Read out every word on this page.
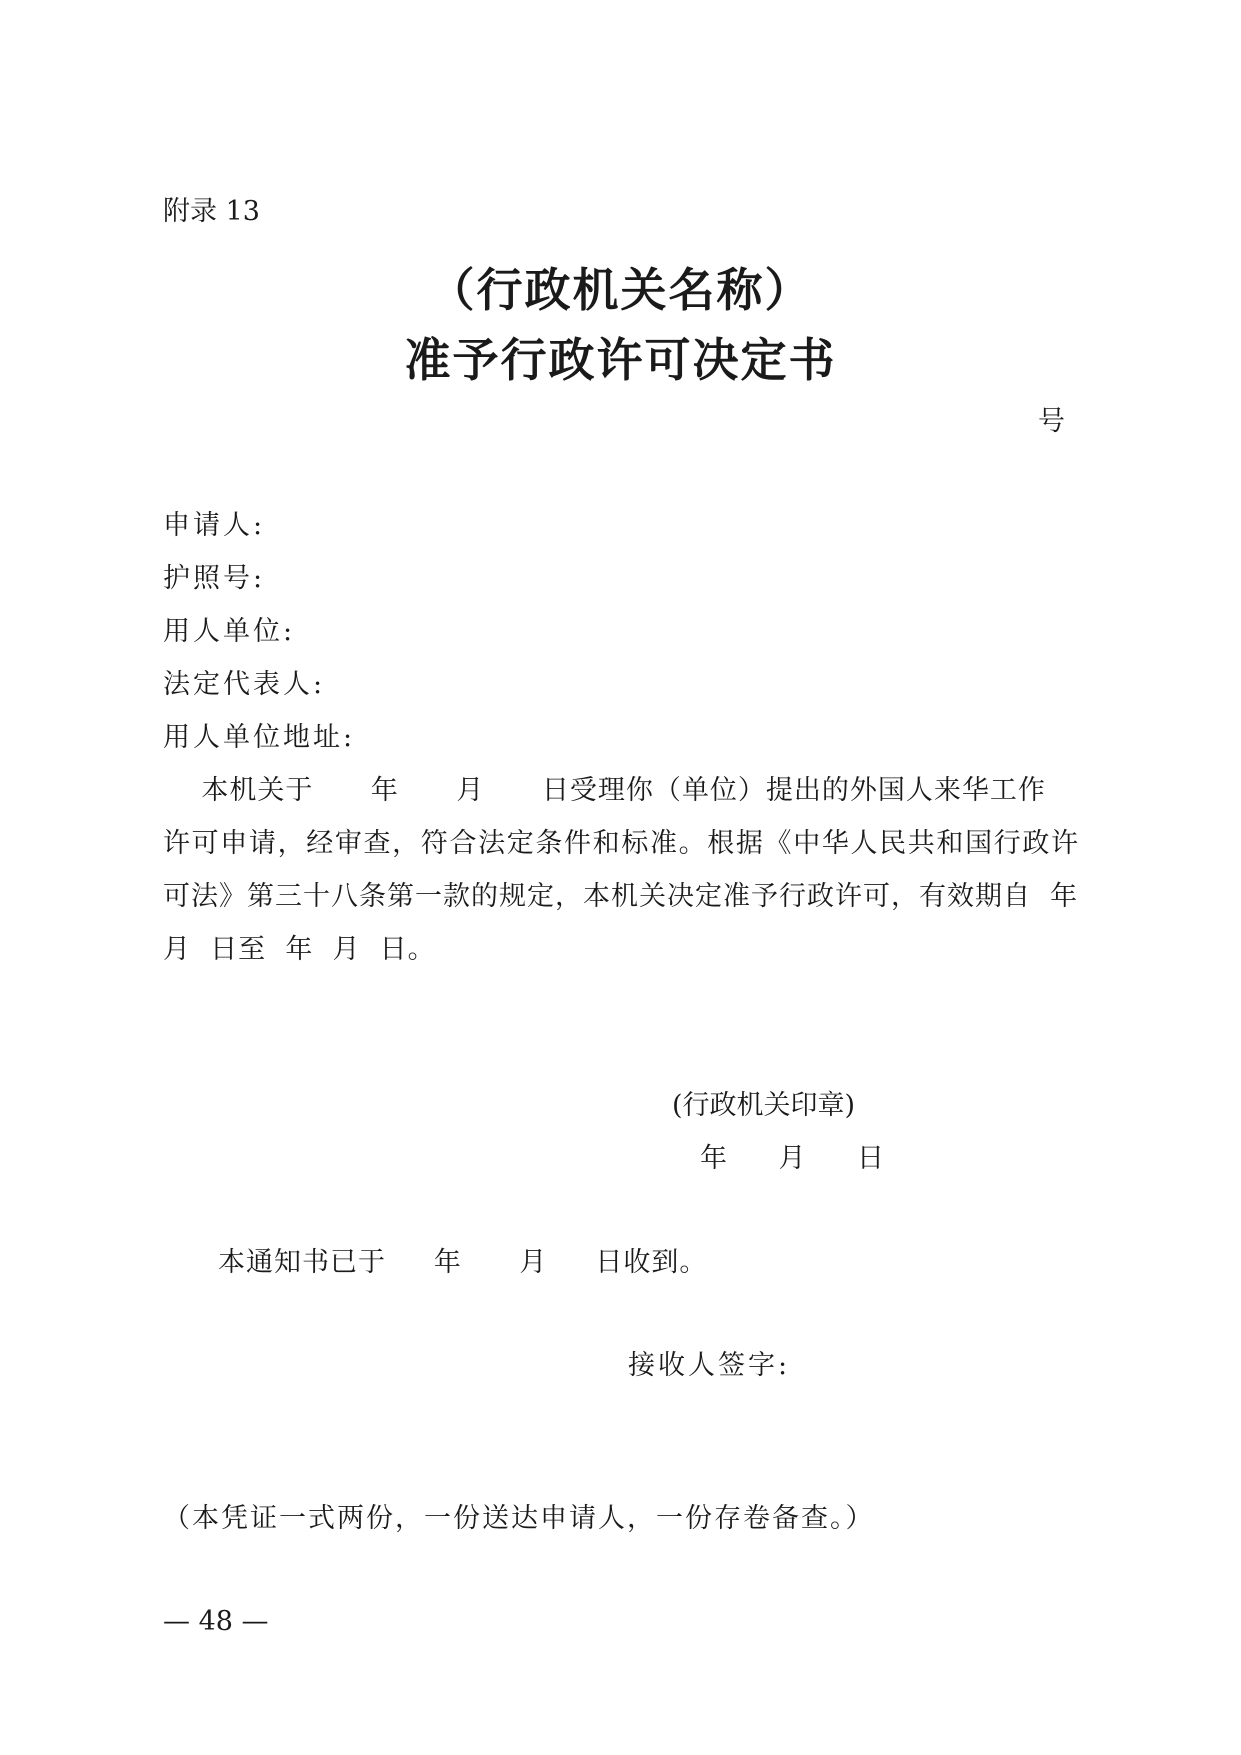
附录 13
（行政机关名称）
准予行政许可决定书
号
申请人:
护照号:
用人单位:
法定代表人:
用人单位地址:
本机关于      年      月      日受理你（单位）提出的外国人来华工作
许可申请，经审查，符合法定条件和标准。根据《中华人民共和国行政许
可法》第三十八条第一款的规定，本机关决定准予行政许可，有效期自  年
月  日至  年  月  日。
(行政机关印章)
年      月      日
本通知书已于     年      月     日收到。
接收人签字:
（本凭证一式两份，一份送达申请人，一份存卷备查。）
— 48 —
